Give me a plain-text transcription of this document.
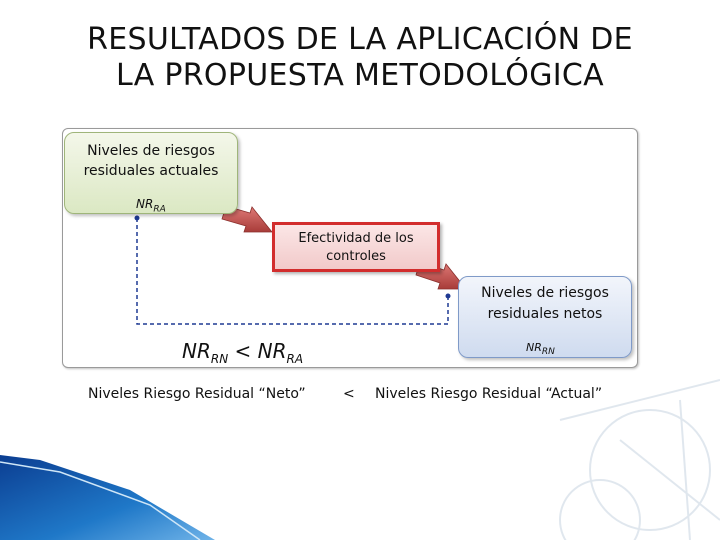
RESULTADOS DE LA APLICACIÓN DE
LA PROPUESTA METODOLÓGICA
Niveles de riesgos
residuales actuales
$NR_{RA}$
Efectividad de los
controles
Niveles de riesgos
residuales netos
$NR_{RN}$
$NR_{RN} < NR_{RA}$
Niveles Riesgo Residual “Neto”	< Niveles Riesgo Residual “Actual”
